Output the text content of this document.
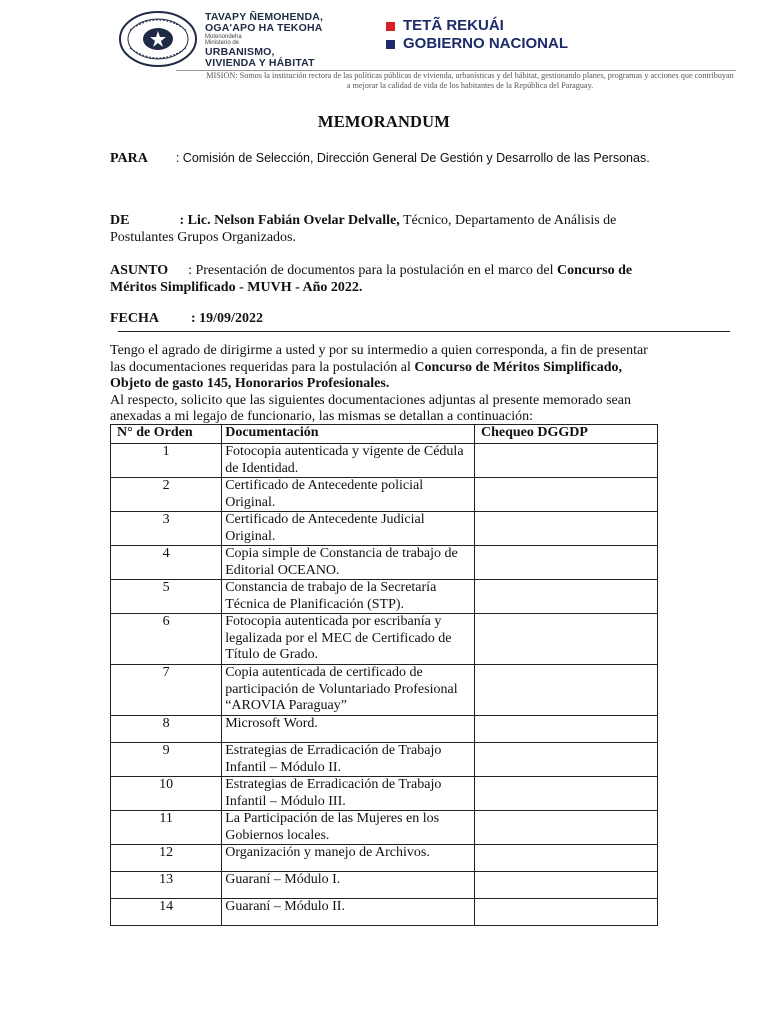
TAVAPY ÑEMOHENDA,
OGA'APO HA TEKOHA
Motenondeha
Ministerio de
URBANISMO,
VIVIENDA Y HÁBITAT
TETÃ REKUÁI
GOBIERNO NACIONAL
MISION: Somos la institución rectora de las políticas públicas de vivienda, urbanísticas y del hábitat, gestionando planes, programas y acciones que contribuyan a mejorar la calidad de vida de los habitantes de la República del Paraguay.
MEMORANDUM
PARA : Comisión de Selección, Dirección General De Gestión y Desarrollo de las Personas.
DE	: Lic. Nelson Fabián Ovelar Delvalle, Técnico, Departamento de Análisis de Postulantes Grupos Organizados.
ASUNTO : Presentación de documentos para la postulación en el marco del Concurso de Méritos Simplificado - MUVH - Año 2022.
FECHA : 19/09/2022
Tengo el agrado de dirigirme a usted y por su intermedio a quien corresponda, a fin de presentar las documentaciones requeridas para la postulación al Concurso de Méritos Simplificado, Objeto de gasto 145, Honorarios Profesionales.
Al respecto, solicito que las siguientes documentaciones adjuntas al presente memorado sean anexadas a mi legajo de funcionario, las mismas se detallan a continuación:
N° de Orden	Documentación	Chequeo DGGDP
1	Fotocopia autenticada y vigente de Cédula de Identidad.	
2	Certificado de Antecedente policial Original.	
3	Certificado de Antecedente Judicial Original.	
4	Copia simple de Constancia de trabajo de Editorial OCEANO.	
5	Constancia de trabajo de la Secretaría Técnica de Planificación (STP).	
6	Fotocopia autenticada por escribanía y legalizada por el MEC de Certificado de Título de Grado.	
7	Copia autenticada de certificado de participación de Voluntariado Profesional “AROVIA Paraguay”	
8	Microsoft Word.	
9	Estrategias de Erradicación de Trabajo Infantil – Módulo II.	
10	Estrategias de Erradicación de Trabajo Infantil – Módulo III.	
11	La Participación de las Mujeres en los Gobiernos locales.	
12	Organización y manejo de Archivos.	
13	Guaraní – Módulo I.	
14	Guaraní – Módulo II.	
